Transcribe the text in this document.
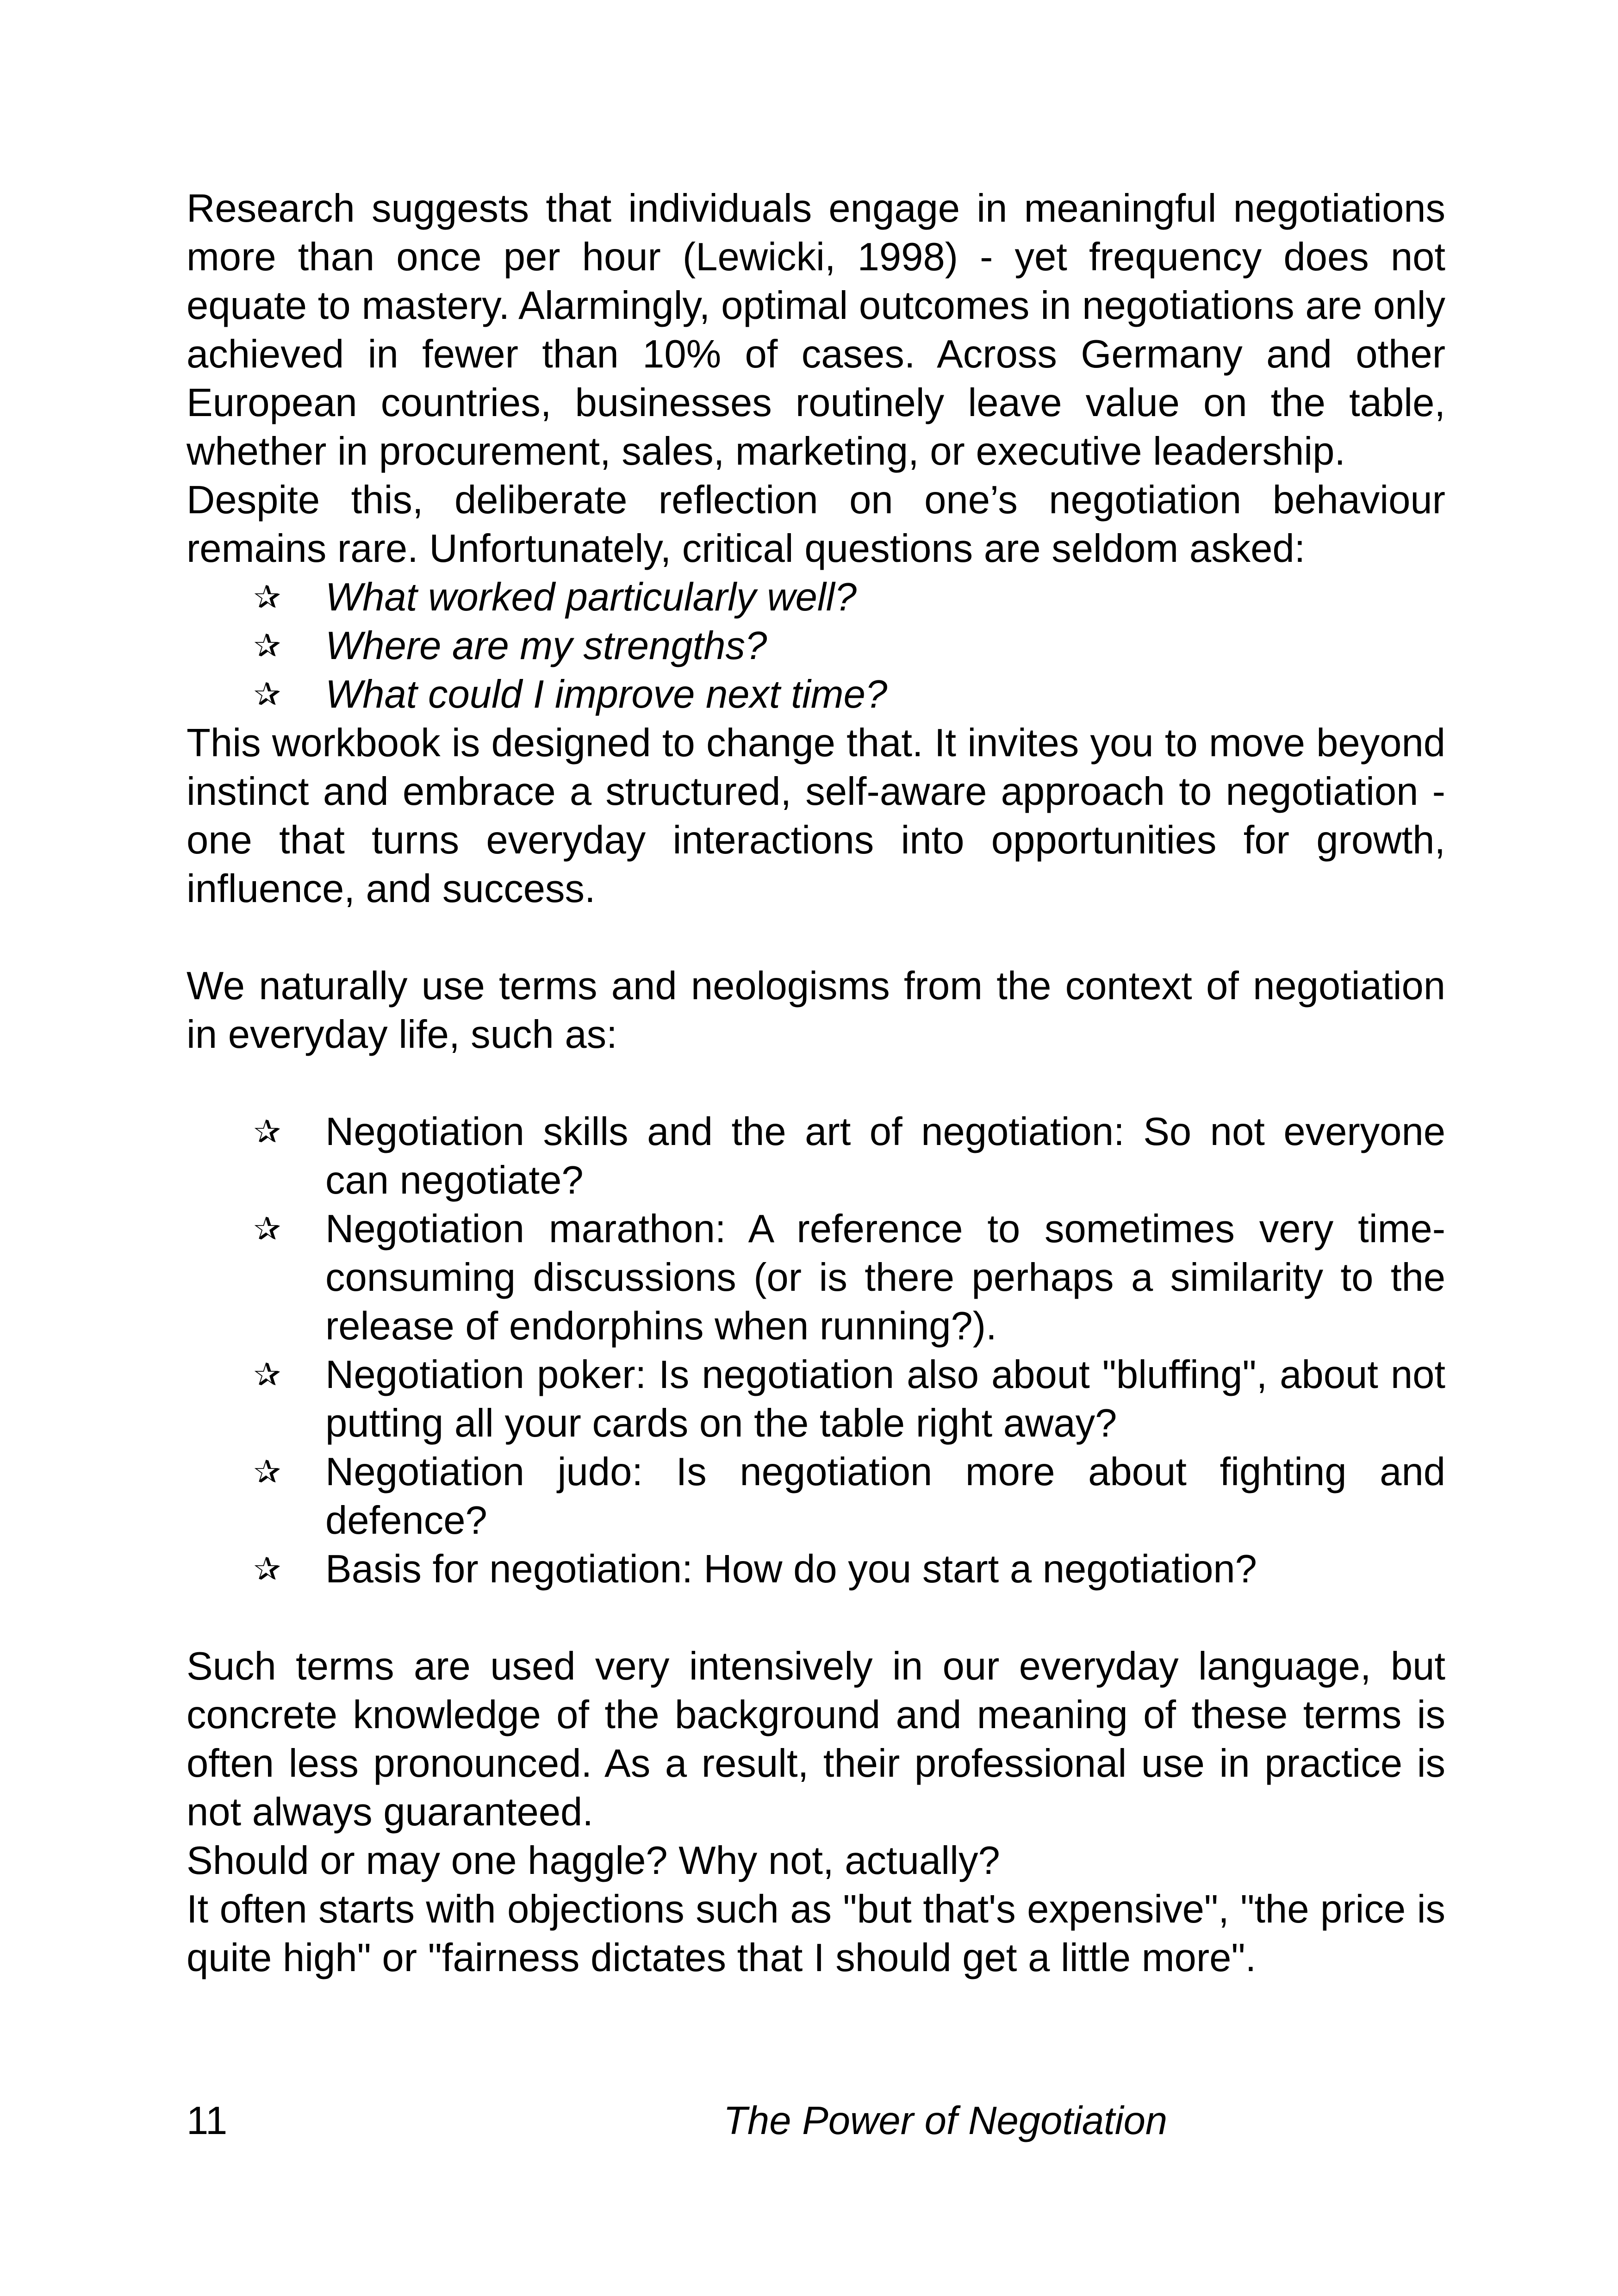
Research suggests that individuals engage in meaningful negotiations more than once per hour (Lewicki, 1998) - yet frequency does not equate to mastery. Alarmingly, optimal outcomes in negotiations are only achieved in fewer than 10% of cases. Across Germany and other European countries, businesses routinely leave value on the table, whether in procurement, sales, marketing, or executive leadership.

Despite this, deliberate reflection on one’s negotiation behaviour remains rare. Unfortunately, critical questions are seldom asked:

✰ What worked particularly well?
✰ Where are my strengths?
✰ What could I improve next time?

This workbook is designed to change that. It invites you to move beyond instinct and embrace a structured, self-aware approach to negotiation - one that turns everyday interactions into opportunities for growth, influence, and success.

We naturally use terms and neologisms from the context of negotiation in everyday life, such as:

✰ Negotiation skills and the art of negotiation: So not everyone can negotiate?
✰ Negotiation marathon: A reference to sometimes very time-consuming discussions (or is there perhaps a similarity to the release of endorphins when running?).
✰ Negotiation poker: Is negotiation also about "bluffing", about not putting all your cards on the table right away?
✰ Negotiation judo: Is negotiation more about fighting and defence?
✰ Basis for negotiation: How do you start a negotiation?

Such terms are used very intensively in our everyday language, but concrete knowledge of the background and meaning of these terms is often less pronounced. As a result, their professional use in practice is not always guaranteed.

Should or may one haggle? Why not, actually?

It often starts with objections such as "but that's expensive", "the price is quite high" or "fairness dictates that I should get a little more".

11	The Power of Negotiation
